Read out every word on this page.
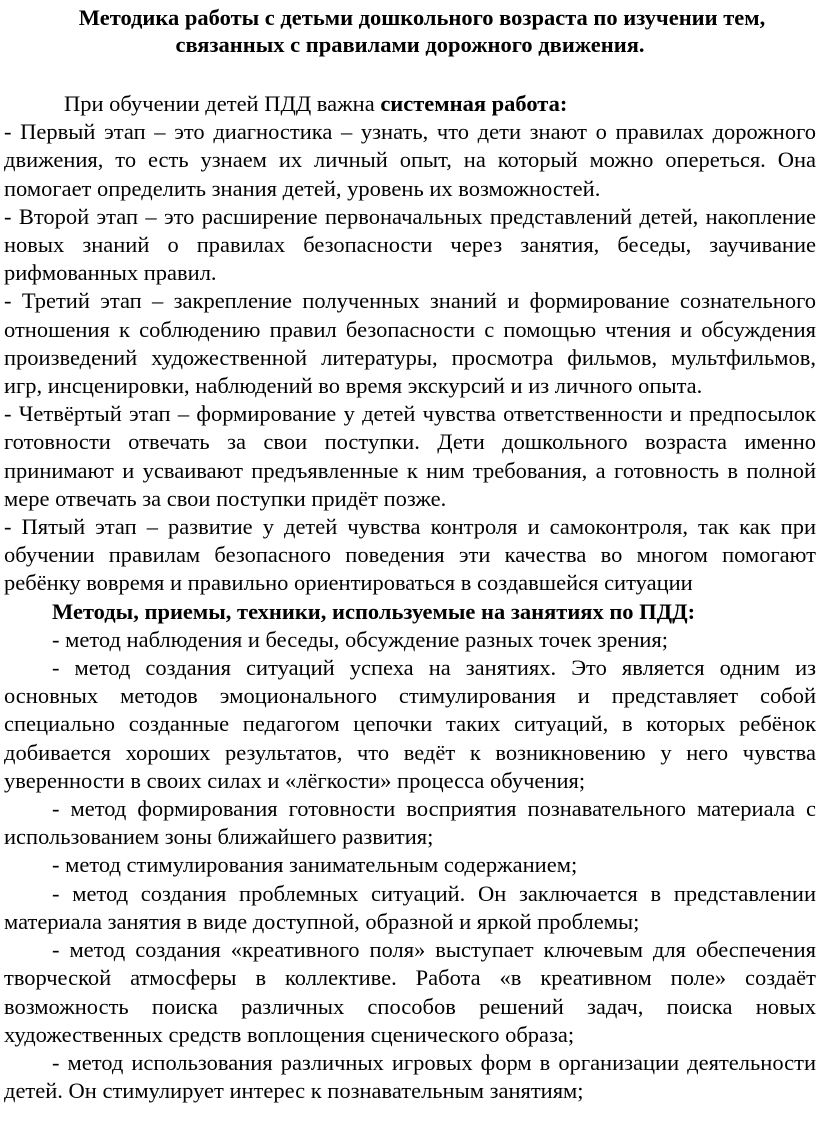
Методика работы с детьми дошкольного возраста по изучении тем,
связанных с правилами дорожного движения.

При обучении детей ПДД важна системная работа:

- Первый этап – это диагностика – узнать, что дети знают о правилах дорожного движения, то есть узнаем их личный опыт, на который можно опереться. Она помогает определить знания детей, уровень их возможностей.

- Второй этап – это расширение первоначальных представлений детей, накопление новых знаний о правилах безопасности через занятия, беседы, заучивание рифмованных правил.

- Третий этап – закрепление полученных знаний и формирование сознательного отношения к соблюдению правил безопасности с помощью чтения и обсуждения произведений художественной литературы, просмотра фильмов, мультфильмов, игр, инсценировки, наблюдений во время экскурсий и из личного опыта.

- Четвёртый этап – формирование у детей чувства ответственности и предпосылок готовности отвечать за свои поступки. Дети дошкольного возраста именно принимают и усваивают предъявленные к ним требования, а готовность в полной мере отвечать за свои поступки придёт позже.

- Пятый этап – развитие у детей чувства контроля и самоконтроля, так как при обучении правилам безопасного поведения эти качества во многом помогают ребёнку вовремя и правильно ориентироваться в создавшейся ситуации

Методы, приемы, техники, используемые на занятиях по ПДД:

- метод наблюдения и беседы, обсуждение разных точек зрения;

- метод создания ситуаций успеха на занятиях. Это является одним из основных методов эмоционального стимулирования и представляет собой специально созданные педагогом цепочки таких ситуаций, в которых ребёнок добивается хороших результатов, что ведёт к возникновению у него чувства уверенности в своих силах и «лёгкости» процесса обучения;

- метод формирования готовности восприятия познавательного материала с использованием зоны ближайшего развития;

- метод стимулирования занимательным содержанием;

- метод создания проблемных ситуаций. Он заключается в представлении материала занятия в виде доступной, образной и яркой проблемы;

- метод создания «креативного поля» выступает ключевым для обеспечения творческой атмосферы в коллективе. Работа «в креативном поле» создаёт возможность поиска различных способов решений задач, поиска новых художественных средств воплощения сценического образа;

- метод использования различных игровых форм в организации деятельности детей. Он стимулирует интерес к познавательным занятиям;
